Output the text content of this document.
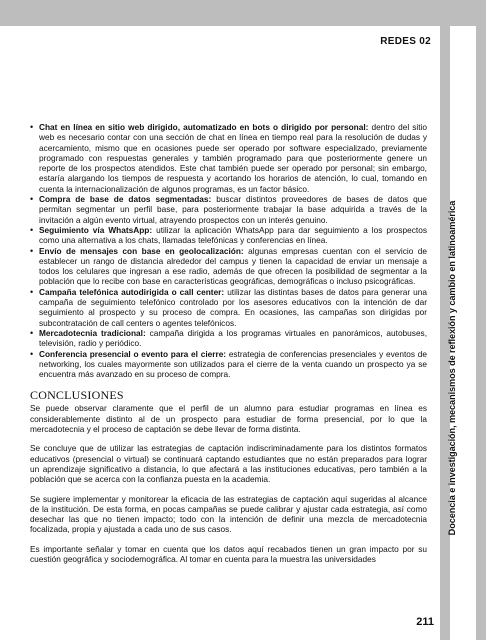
REDES 02
Docencia e investigación, mecanismos de reflexión y cambio en latinoamérica
• Chat en línea en sitio web dirigido, automatizado en bots o dirigido por personal: dentro del sitio web es necesario contar con una sección de chat en línea en tiempo real para la resolución de dudas y acercamiento, mismo que en ocasiones puede ser operado por software especializado, previamente programado con respuestas generales y también programado para que posteriormente genere un reporte de los prospectos atendidos. Este chat también puede ser operado por personal; sin embargo, estaría alargando los tiempos de respuesta y acortando los horarios de atención, lo cual, tomando en cuenta la internacionalización de algunos programas, es un factor básico.
• Compra de base de datos segmentadas: buscar distintos proveedores de bases de datos que permitan segmentar un perfil base, para posteriormente trabajar la base adquirida a través de la invitación a algún evento virtual, atrayendo prospectos con un interés genuino.
• Seguimiento vía WhatsApp: utilizar la aplicación WhatsApp para dar seguimiento a los prospectos como una alternativa a los chats, llamadas telefónicas y conferencias en línea.
• Envío de mensajes con base en geolocalización: algunas empresas cuentan con el servicio de establecer un rango de distancia alrededor del campus y tienen la capacidad de enviar un mensaje a todos los celulares que ingresan a ese radio, además de que ofrecen la posibilidad de segmentar a la población que lo recibe con base en características geográficas, demográficas o incluso psicográficas.
• Campaña telefónica autodirigida o call center: utilizar las distintas bases de datos para generar una campaña de seguimiento telefónico controlado por los asesores educativos con la intención de dar seguimiento al prospecto y su proceso de compra. En ocasiones, las campañas son dirigidas por subcontratación de call centers o agentes telefónicos.
• Mercadotecnia tradicional: campaña dirigida a los programas virtuales en panorámicos, autobuses, televisión, radio y periódico.
• Conferencia presencial o evento para el cierre: estrategia de conferencias presenciales y eventos de networking, los cuales mayormente son utilizados para el cierre de la venta cuando un prospecto ya se encuentra más avanzado en su proceso de compra.
CONCLUSIONES

Se puede observar claramente que el perfil de un alumno para estudiar programas en línea es considerablemente distinto al de un prospecto para estudiar de forma presencial, por lo que la mercadotecnia y el proceso de captación se debe llevar de forma distinta.

Se concluye que de utilizar las estrategias de captación indiscriminadamente para los distintos formatos educativos (presencial o virtual) se continuará captando estudiantes que no están preparados para lograr un aprendizaje significativo a distancia, lo que afectará a las instituciones educativas, pero también a la población que se acerca con la confianza puesta en la academia.

Se sugiere implementar y monitorear la eficacia de las estrategias de captación aquí sugeridas al alcance de la institución. De esta forma, en pocas campañas se puede calibrar y ajustar cada estrategia, así como desechar las que no tienen impacto; todo con la intención de definir una mezcla de mercadotecnia focalizada, propia y ajustada a cada uno de sus casos.

Es importante señalar y tomar en cuenta que los datos aquí recabados tienen un gran impacto por su cuestión geográfica y sociodemográfica. Al tomar en cuenta para la muestra las universidades

211
